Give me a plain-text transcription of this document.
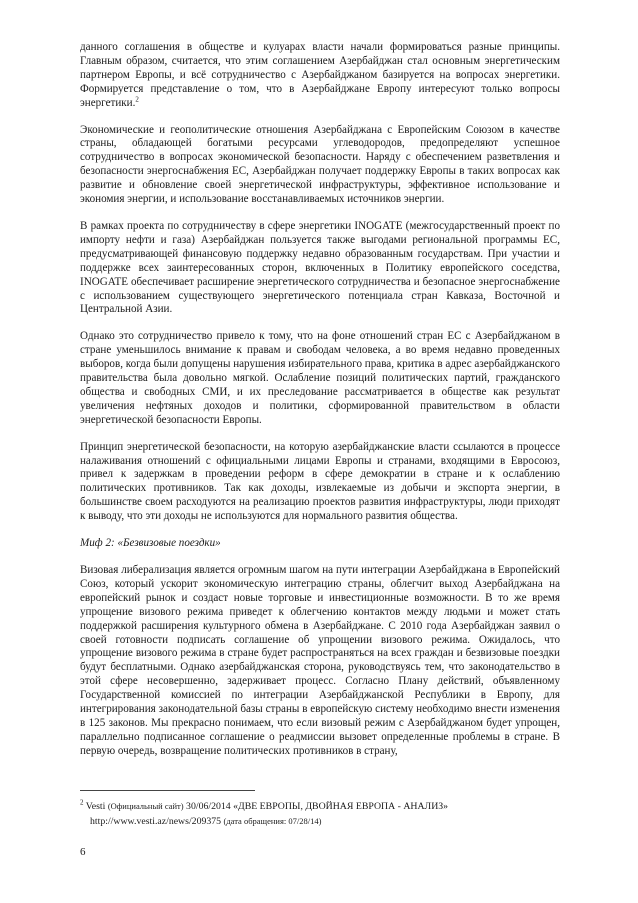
данного соглашения в обществе и кулуарах власти начали формироваться разные принципы. Главным образом, считается, что этим соглашением Азербайджан стал основным энергетическим партнером Европы, и всё сотрудничество с Азербайджаном базируется на вопросах энергетики. Формируется представление о том, что в Азербайджане Европу интересуют только вопросы энергетики.$^2$

Экономические и геополитические отношения Азербайджана с Европейским Союзом в качестве страны, обладающей богатыми ресурсами углеводородов, предопределяют успешное сотрудничество в вопросах экономической безопасности. Наряду с обеспечением разветвления и безопасности энергоснабжения ЕС, Азербайджан получает поддержку Европы в таких вопросах как развитие и обновление своей энергетической инфраструктуры, эффективное использование и экономия энергии, и использование восстанавливаемых источников энергии.

В рамках проекта по сотрудничеству в сфере энергетики INOGATE (межгосударственный проект по импорту нефти и газа) Азербайджан пользуется также выгодами региональной программы ЕС, предусматривающей финансовую поддержку недавно образованным государствам. При участии и поддержке всех заинтересованных сторон, включенных в Политику европейского соседства, INOGATE обеспечивает расширение энергетического сотрудничества и безопасное энергоснабжение с использованием существующего энергетического потенциала стран Кавказа, Восточной и Центральной Азии.

Однако это сотрудничество привело к тому, что на фоне отношений стран ЕС с Азербайджаном в стране уменьшилось внимание к правам и свободам человека, а во время недавно проведенных выборов, когда были допущены нарушения избирательного права, критика в адрес азербайджанского правительства была довольно мягкой. Ослабление позиций политических партий, гражданского общества и свободных СМИ, и их преследование рассматривается в обществе как результат увеличения нефтяных доходов и политики, сформированной правительством в области энергетической безопасности Европы.

Принцип энергетической безопасности, на которую азербайджанские власти ссылаются в процессе налаживания отношений с официальными лицами Европы и странами, входящими в Евросоюз, привел к задержкам в проведении реформ в сфере демократии в стране и к ослаблению политических противников. Так как доходы, извлекаемые из добычи и экспорта энергии, в большинстве своем расходуются на реализацию проектов развития инфраструктуры, люди приходят к выводу, что эти доходы не используются для нормального развития общества.

Миф 2: «Безвизовые поездки»

Визовая либерализация является огромным шагом на пути интеграции Азербайджана в Европейский Союз, который ускорит экономическую интеграцию страны, облегчит выход Азербайджана на европейский рынок и создаст новые торговые и инвестиционные возможности. В то же время упрощение визового режима приведет к облегчению контактов между людьми и может стать поддержкой расширения культурного обмена в Азербайджане. С 2010 года Азербайджан заявил о своей готовности подписать соглашение об упрощении визового режима. Ожидалось, что упрощение визового режима в стране будет распространяться на всех граждан и безвизовые поездки будут бесплатными. Однако азербайджанская сторона, руководствуясь тем, что законодательство в этой сфере несовершенно, задерживает процесс. Согласно Плану действий, объявленному Государственной комиссией по интеграции Азербайджанской Республики в Европу, для интегрирования законодательной базы страны в европейскую систему необходимо внести изменения в 125 законов. Мы прекрасно понимаем, что если визовый режим с Азербайджаном будет упрощен, параллельно подписанное соглашение о реадмиссии вызовет определенные проблемы в стране. В первую очередь, возвращение политических противников в страну,

$^2$ Vesti (Официальный сайт) 30/06/2014 «ДВЕ ЕВРОПЫ, ДВОЙНАЯ ЕВРОПА - АНАЛИЗ»
http://www.vesti.az/news/209375 (дата обращения: 07/28/14)
6
